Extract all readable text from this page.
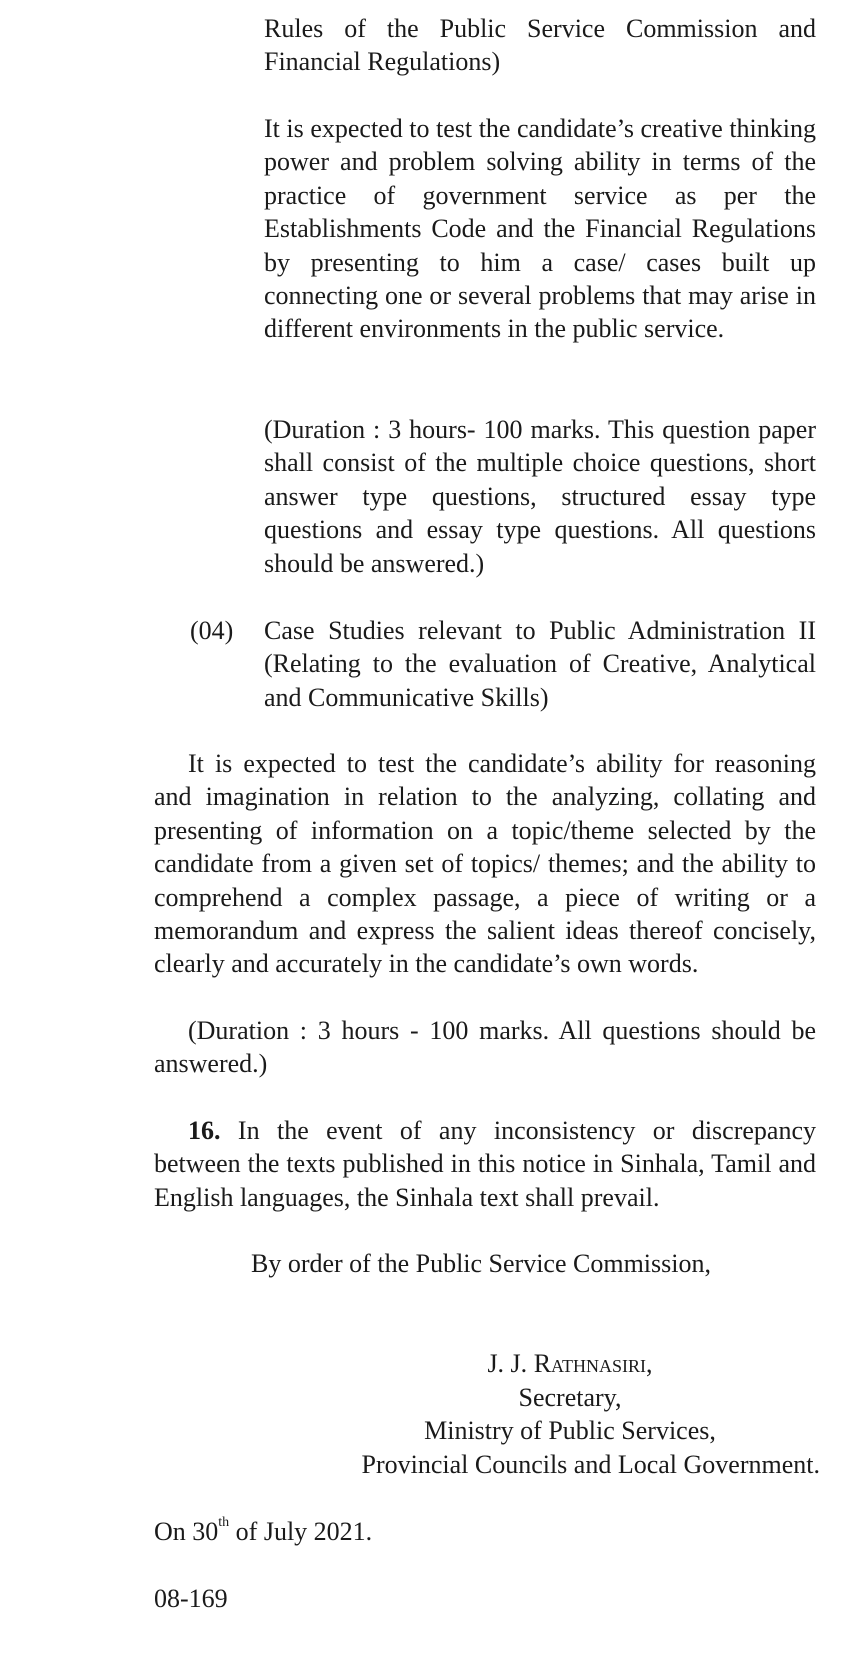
Rules of the Public Service Commission and Financial Regulations)

It is expected to test the candidate’s creative thinking power and problem solving ability in terms of the practice of government service as per the Establishments Code and the Financial Regulations by presenting to him a case/ cases built up connecting one or several problems that may arise in different environments in the public service.

(Duration : 3 hours- 100 marks. This question paper shall consist of the multiple choice questions, short answer type questions, structured essay type questions and essay type questions. All questions should be answered.)

(04)	Case Studies relevant to Public Administration II (Relating to the evaluation of Creative, Analytical and Communicative Skills)

It is expected to test the candidate’s ability for reasoning and imagination in relation to the analyzing, collating and presenting of information on a topic/theme selected by the candidate from a given set of topics/ themes; and the ability to comprehend a complex passage, a piece of writing or a memorandum and express the salient ideas thereof concisely, clearly and accurately in the candidate’s own words.

(Duration : 3 hours - 100 marks. All questions should be answered.)

16. In the event of any inconsistency or discrepancy between the texts published in this notice in Sinhala, Tamil and English languages, the Sinhala text shall prevail.

By order of the Public Service Commission,
J. J. Rathnasiri,
Secretary,
Ministry of Public Services,
Provincial Councils and Local Government.
On 30th of July 2021.
08-169
